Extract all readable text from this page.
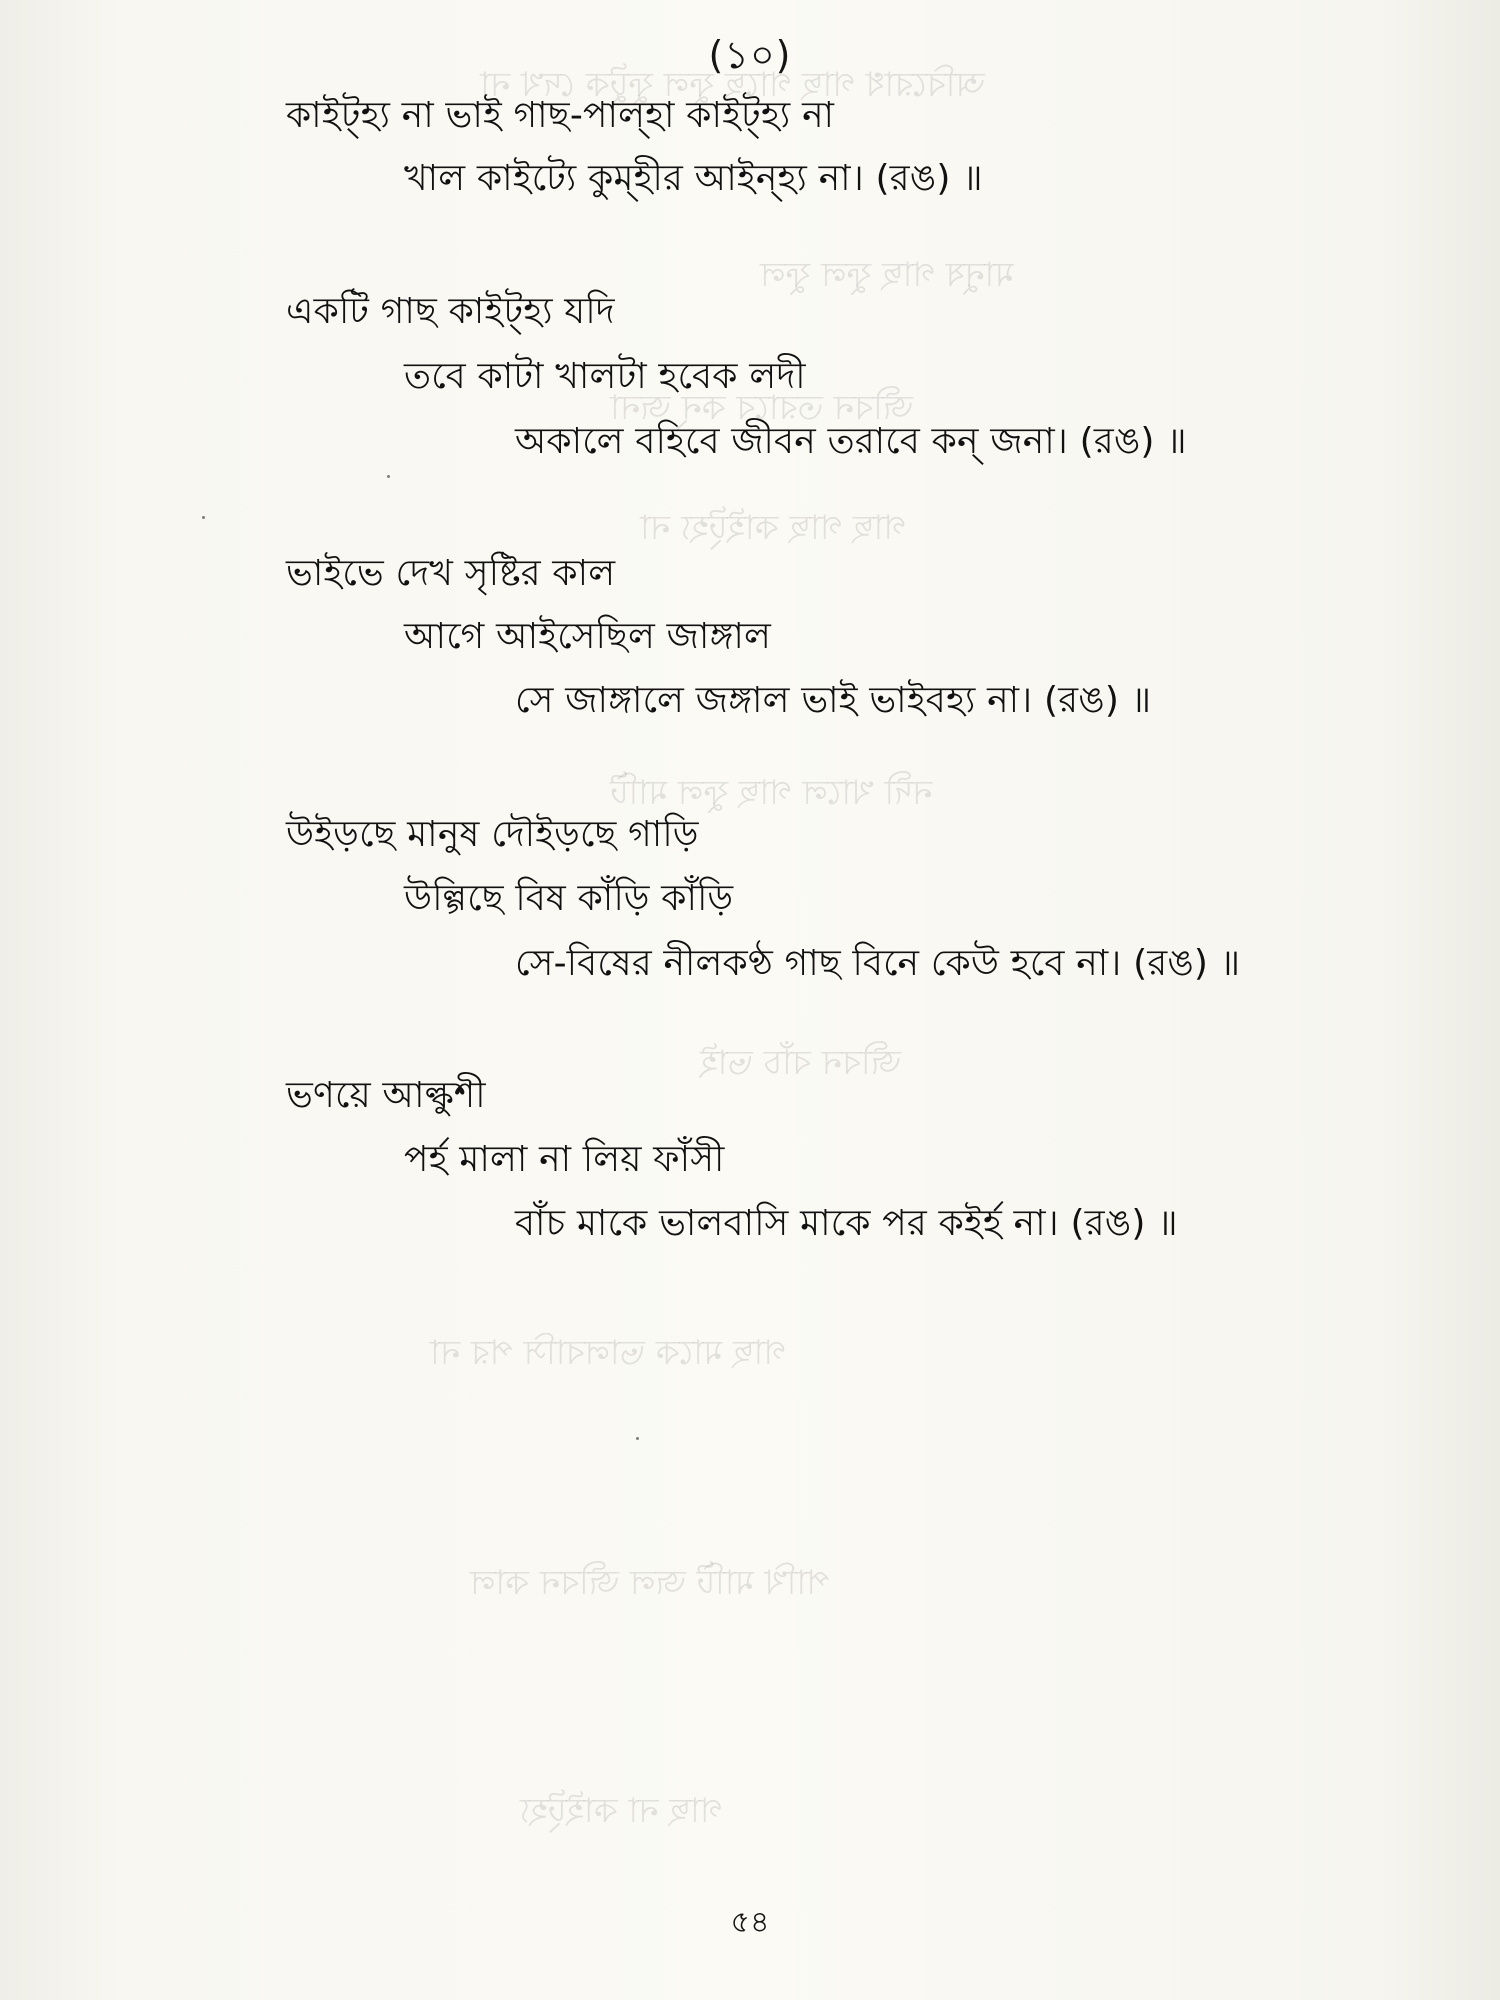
অবিরোধ গাছ গাছে ফুল ফুটুক দেখ না
মানুষ গাছ ফুল ফুল
জীবন তরাবে কন্ জনা
গাছ গাছ কাইট্হ্য না
নদী খালে গাছ ফুল মাটি
জীবন বাঁচ ভাই
গাছ মাকে ভালবাসি পর না
পাখি মাটি জল জীবন কাল
গাছ না কাইট্হ্য
(১০)
কাইট্হ্য না ভাই গাছ-পাল্হা কাইট্হ্য না
খাল কাইট্যে কুম্হীর আইন্হ্য না। (রঙ) ॥
একটি গাছ কাইট্হ্য যদি
তবে কাটা খালটা হবেক লদী
অকালে বহিবে জীবন তরাবে কন্ জনা। (রঙ) ॥
ভাইভে দেখ সৃষ্টির কাল
আগে আইসেছিল জাঙ্গাল
সে জাঙ্গালে জঙ্গাল ভাই ভাইবহ্য না। (রঙ) ॥
উইড়ছে মানুষ দৌইড়ছে গাড়ি
উল্গিছে বিষ কাঁড়ি কাঁড়ি
সে-বিষের নীলকণ্ঠ গাছ বিনে কেউ হবে না। (রঙ) ॥
ভণয়ে আল্কুশী
পর্হ মালা না লিয় ফাঁসী
বাঁচ মাকে ভালবাসি মাকে পর কইর্হ না। (রঙ) ॥
৫৪
